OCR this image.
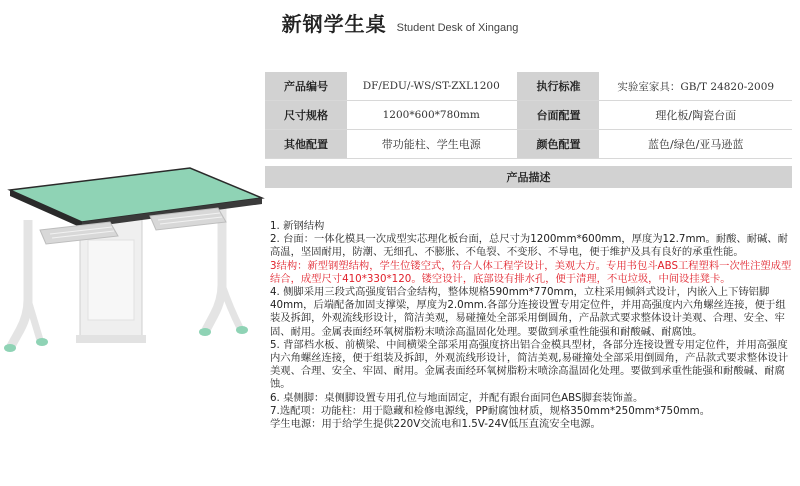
新钢学生桌 Student Desk of Xingang
产品编号	DF/EDU/-WS/ST-ZXL1200		执行标准	实验室家具：GB/T 24820-2009
尺寸规格	1200*600*780mm		台面配置	理化板/陶瓷台面
其他配置	带功能柱、学生电源		颜色配置	蓝色/绿色/亚马逊蓝
产品描述

1. 新钢结构

2. 台面：一体化模具一次成型实芯理化板台面，总尺寸为1200mm*600mm，厚度为12.7mm。耐酸、耐碱、耐高温，坚固耐用，防潮、无细孔、不膨胀、不龟裂、不变形、不导电，便于维护及具有良好的承重性能。

3结构：新型钢塑结构，学生位镂空式，符合人体工程学设计，美观大方。专用书包斗ABS工程塑料一次性注塑成型结合，成型尺寸410*330*120。镂空设计，底部设有排水孔，便于清理，不屯垃圾，中间设挂凳卡。

4. 侧脚采用三段式高强度铝合金结构，整体规格590mm*770mm，立柱采用倾斜式设计，内嵌入上下铸铝脚40mm，后端配备加固支撑梁，厚度为2.0mm.各部分连接设置专用定位件，并用高强度内六角螺丝连接，便于组装及拆卸，外观流线形设计，简洁美观，易碰撞处全部采用倒圆角，产品款式要求整体设计美观、合理、安全、牢固、耐用。金属表面经环氧树脂粉末喷涂高温固化处理。要做到承重性能强和耐酸碱、耐腐蚀。

5. 背部档水板、前横梁、中间横梁全部采用高强度挤出铝合金模具型材，各部分连接设置专用定位件，并用高强度内六角螺丝连接，便于组装及拆卸，外观流线形设计，简洁美观,易碰撞处全部采用倒圆角，产品款式要求整体设计美观、合理、安全、牢固、耐用。金属表面经环氧树脂粉末喷涂高温固化处理。要做到承重性能强和耐酸碱、耐腐蚀。

6. 桌侧脚：桌侧脚设置专用孔位与地面固定，并配有跟台面同色ABS脚套装饰盖。

7.选配项：功能柱：用于隐藏和检修电源线，PP耐腐蚀材质，规格350mm*250mm*750mm。

学生电源：用于给学生提供220V交流电和1.5V-24V低压直流安全电源。
